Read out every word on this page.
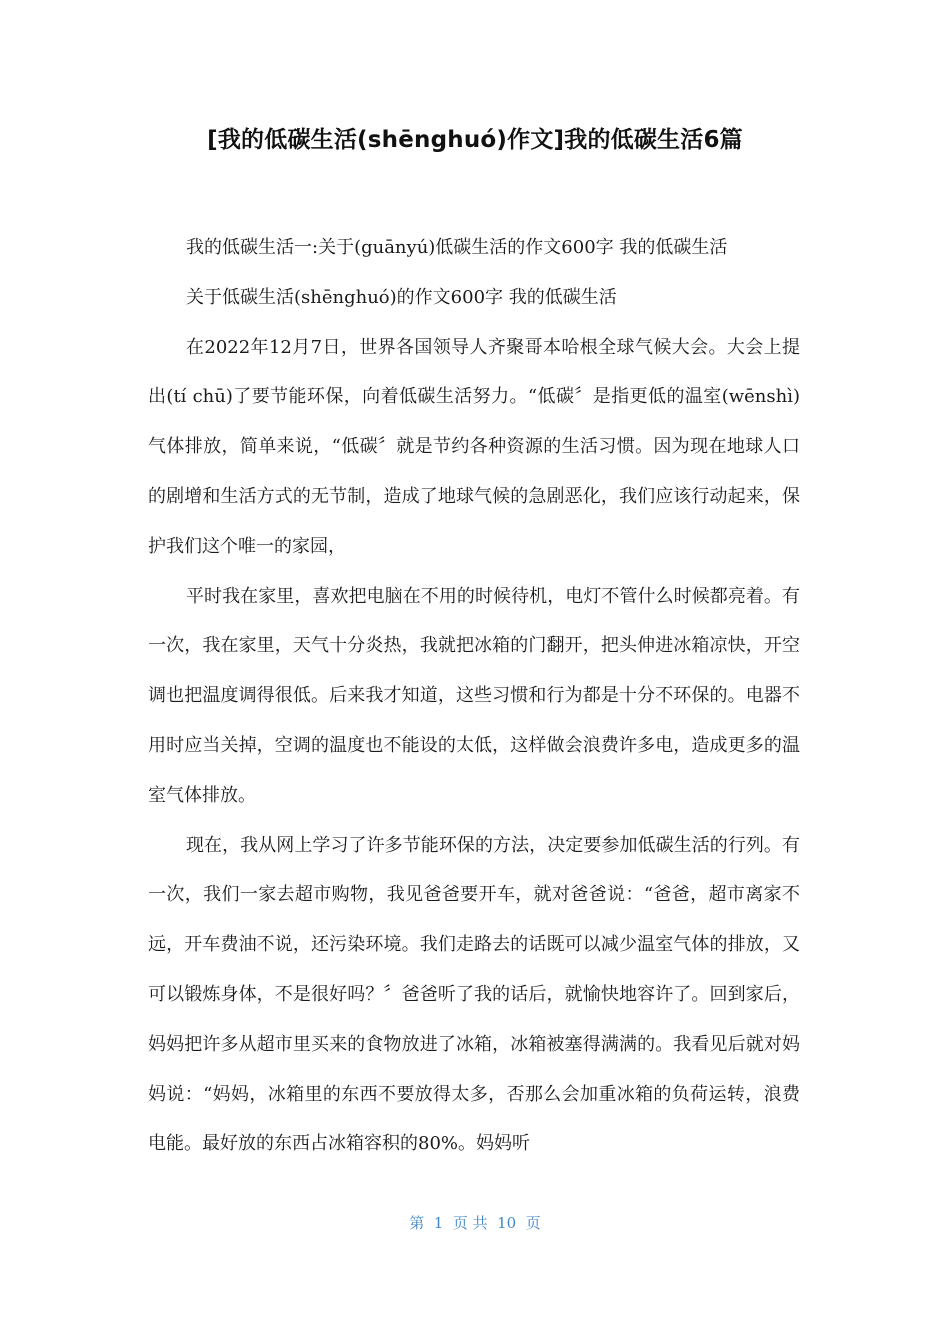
[我的低碳生活(shēnghuó)作文]我的低碳生活6篇

我的低碳生活一:关于(guānyú)低碳生活的作文600字 我的低碳生活

关于低碳生活(shēnghuó)的作文600字 我的低碳生活

在2022年12月7日，世界各国领导人齐聚哥本哈根全球气候大会。大会上提出(tí chū)了要节能环保，向着低碳生活努力。“低碳〞是指更低的温室(wēnshì)气体排放，简单来说，“低碳〞就是节约各种资源的生活习惯。因为现在地球人口的剧增和生活方式的无节制，造成了地球气候的急剧恶化，我们应该行动起来，保护我们这个唯一的家园，

平时我在家里，喜欢把电脑在不用的时候待机，电灯不管什么时候都亮着。有一次，我在家里，天气十分炎热，我就把冰箱的门翻开，把头伸进冰箱凉快，开空调也把温度调得很低。后来我才知道，这些习惯和行为都是十分不环保的。电器不用时应当关掉，空调的温度也不能设的太低，这样做会浪费许多电，造成更多的温室气体排放。

现在，我从网上学习了许多节能环保的方法，决定要参加低碳生活的行列。有一次，我们一家去超市购物，我见爸爸要开车，就对爸爸说：“爸爸，超市离家不远，开车费油不说，还污染环境。我们走路去的话既可以减少温室气体的排放，又可以锻炼身体，不是很好吗？〞爸爸听了我的话后，就愉快地容许了。回到家后，妈妈把许多从超市里买来的食物放进了冰箱，冰箱被塞得满满的。我看见后就对妈妈说：“妈妈，冰箱里的东西不要放得太多，否那么会加重冰箱的负荷运转，浪费电能。最好放的东西占冰箱容积的80%。妈妈听

第  1  页 共  10  页
